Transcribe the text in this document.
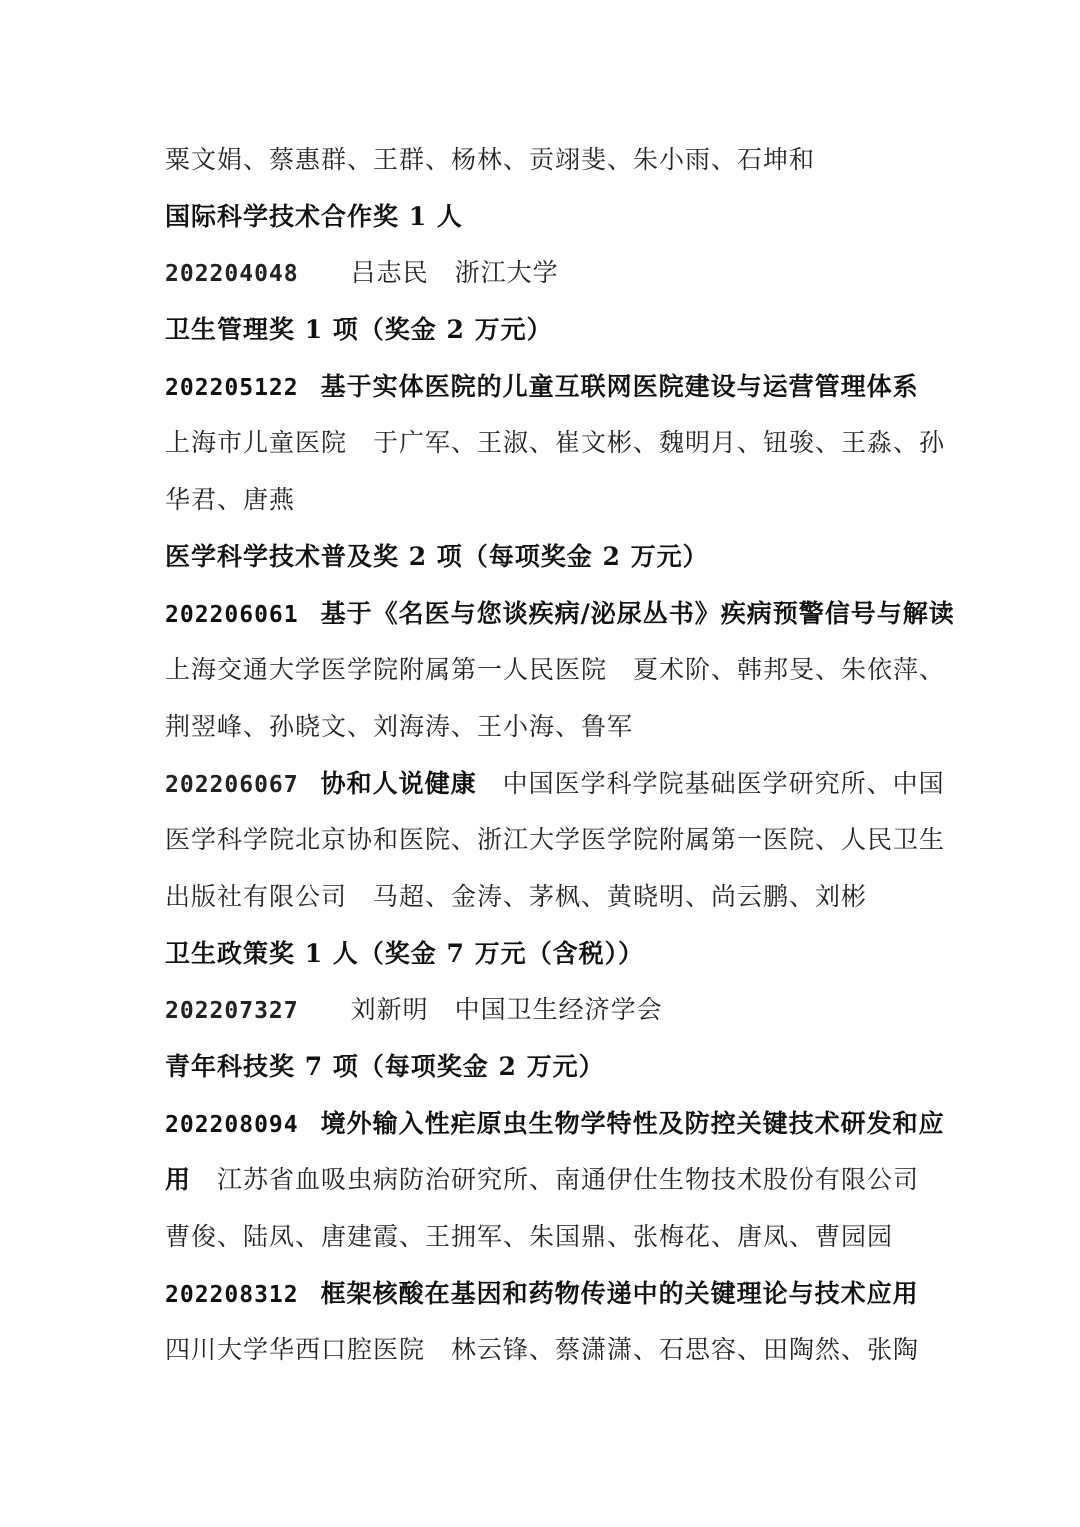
粟文娟、蔡惠群、王群、杨林、贡翊斐、朱小雨、石坤和
国际科学技术合作奖 1 人
202204048 吕志民 浙江大学
卫生管理奖 1 项（奖金 2 万元）
202205122 基于实体医院的儿童互联网医院建设与运营管理体系
上海市儿童医院 于广军、王淑、崔文彬、魏明月、钮骏、王淼、孙
华君、唐燕
医学科学技术普及奖 2 项（每项奖金 2 万元）
202206061 基于《名医与您谈疾病/泌尿丛书》疾病预警信号与解读
上海交通大学医学院附属第一人民医院 夏术阶、韩邦旻、朱依萍、
荆翌峰、孙晓文、刘海涛、王小海、鲁军
202206067 协和人说健康 中国医学科学院基础医学研究所、中国
医学科学院北京协和医院、浙江大学医学院附属第一医院、人民卫生
出版社有限公司 马超、金涛、茅枫、黄晓明、尚云鹏、刘彬
卫生政策奖 1 人（奖金 7 万元（含税））
202207327 刘新明 中国卫生经济学会
青年科技奖 7 项（每项奖金 2 万元）
202208094 境外输入性疟原虫生物学特性及防控关键技术研发和应
用 江苏省血吸虫病防治研究所、南通伊仕生物技术股份有限公司
曹俊、陆凤、唐建霞、王拥军、朱国鼎、张梅花、唐凤、曹园园
202208312 框架核酸在基因和药物传递中的关键理论与技术应用
四川大学华西口腔医院 林云锋、蔡潇潇、石思容、田陶然、张陶
